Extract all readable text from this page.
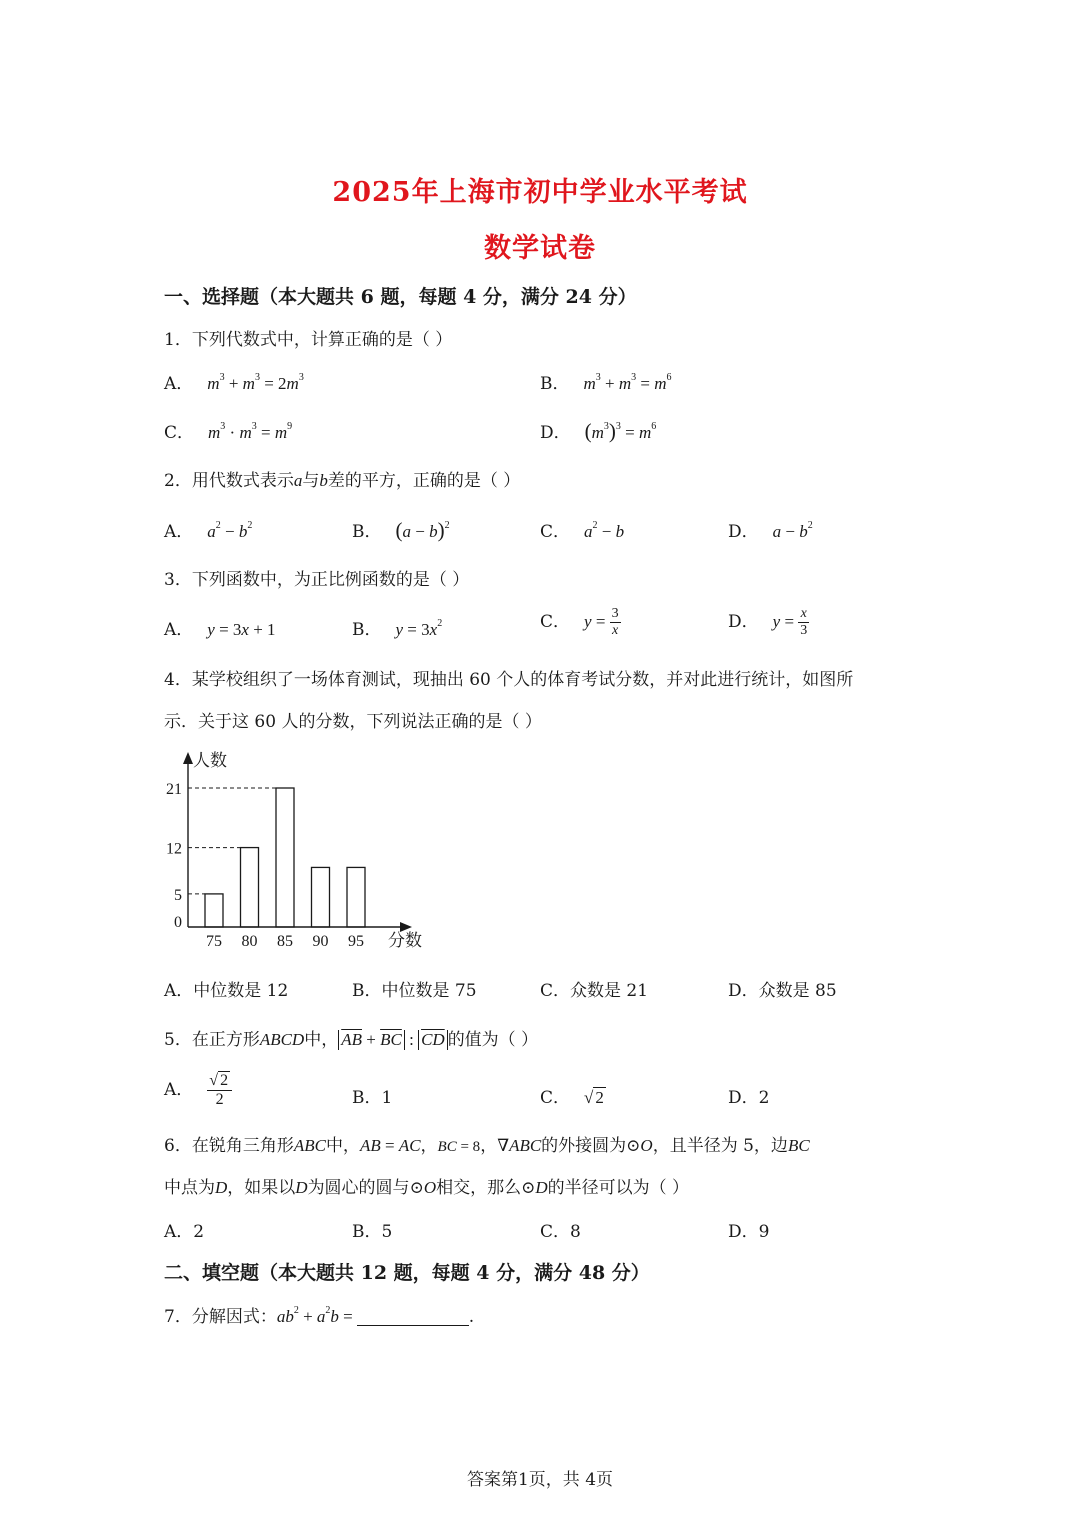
2025年上海市初中学业水平考试
数学试卷
一、选择题（本大题共 6 题，每题 4 分，满分 24 分）
1．下列代数式中，计算正确的是（ ）
A． $m^3 + m^3 = 2m^3$	B． $m^3 + m^3 = m^6$
C． $m^3 \cdot m^3 = m^9$	D． $(m^3)^3 = m^6$
2．用代数式表示a与b差的平方，正确的是（ ）
A． $a^2 - b^2$	B． $(a - b)^2$	C． $a^2 - b$	D． $a - b^2$
3．下列函数中，为正比例函数的是（ ）
A． y = 3x + 1	B． $y = 3x^2$	C． $y = \frac{3}{x}$	D． $y = \frac{x}{3}$
4．某学校组织了一场体育测试，现抽出 60 个人的体育考试分数，并对此进行统计，如图所
示．关于这 60 人的分数，下列说法正确的是（ ）
人数
分数
0
5
12
21
75 80 85 90 95
A．中位数是 12	B．中位数是 75	C．众数是 21	D．众数是 85
5．在正方形ABCD中， $\overline{AB} + \overline{BC}$ : $\overline{CD}$ 的值为（ ）
A． $\frac{√ 2}{2}$	B．1	C． √ 2	D．2
6．在锐角三角形ABC中，AB = AC，BC = 8，∇ABC的外接圆为⊙O，且半径为 5，边BC
中点为D，如果以D为圆心的圆与⊙O相交，那么⊙D的半径可以为（ ）
A．2	B．5	C．8	D．9
二、填空题（本大题共 12 题，每题 4 分，满分 48 分）
7．分解因式：$ab^2 + a^2b$ =	.
答案第1页，共 4页
